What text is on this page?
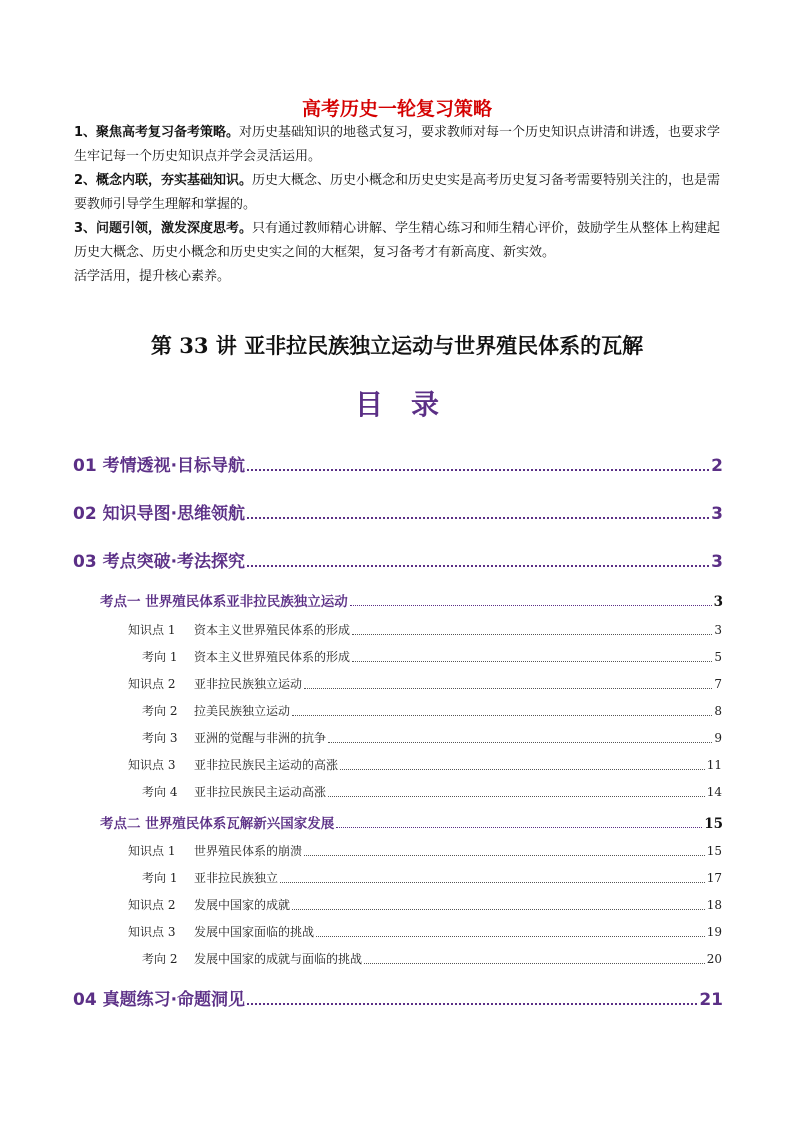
高考历史一轮复习策略

1、聚焦高考复习备考策略。对历史基础知识的地毯式复习，要求教师对每一个历史知识点讲清和讲透，也要求学生牢记每一个历史知识点并学会灵活运用。

2、概念内联，夯实基础知识。历史大概念、历史小概念和历史史实是高考历史复习备考需要特别关注的，也是需要教师引导学生理解和掌握的。

3、问题引领，激发深度思考。只有通过教师精心讲解、学生精心练习和师生精心评价，鼓励学生从整体上构建起历史大概念、历史小概念和历史史实之间的大框架，复习备考才有新高度、新实效。

活学活用，提升核心素养。

第 33 讲 亚非拉民族独立运动与世界殖民体系的瓦解
目录
01 考情透视·目标导航	2
02 知识导图·思维领航	3
03 考点突破·考法探究	3
考点一 世界殖民体系亚非拉民族独立运动	3
知识点 1 资本主义世界殖民体系的形成	3
考向 1 资本主义世界殖民体系的形成	5
知识点 2 亚非拉民族独立运动	7
考向 2 拉美民族独立运动	8
考向 3 亚洲的觉醒与非洲的抗争	9
知识点 3 亚非拉民族民主运动的高涨	11
考向 4 亚非拉民族民主运动高涨	14
考点二 世界殖民体系瓦解新兴国家发展	15
知识点 1 世界殖民体系的崩溃	15
考向 1 亚非拉民族独立	17
知识点 2 发展中国家的成就	18
知识点 3 发展中国家面临的挑战	19
考向 2 发展中国家的成就与面临的挑战	20
04 真题练习·命题洞见	21
